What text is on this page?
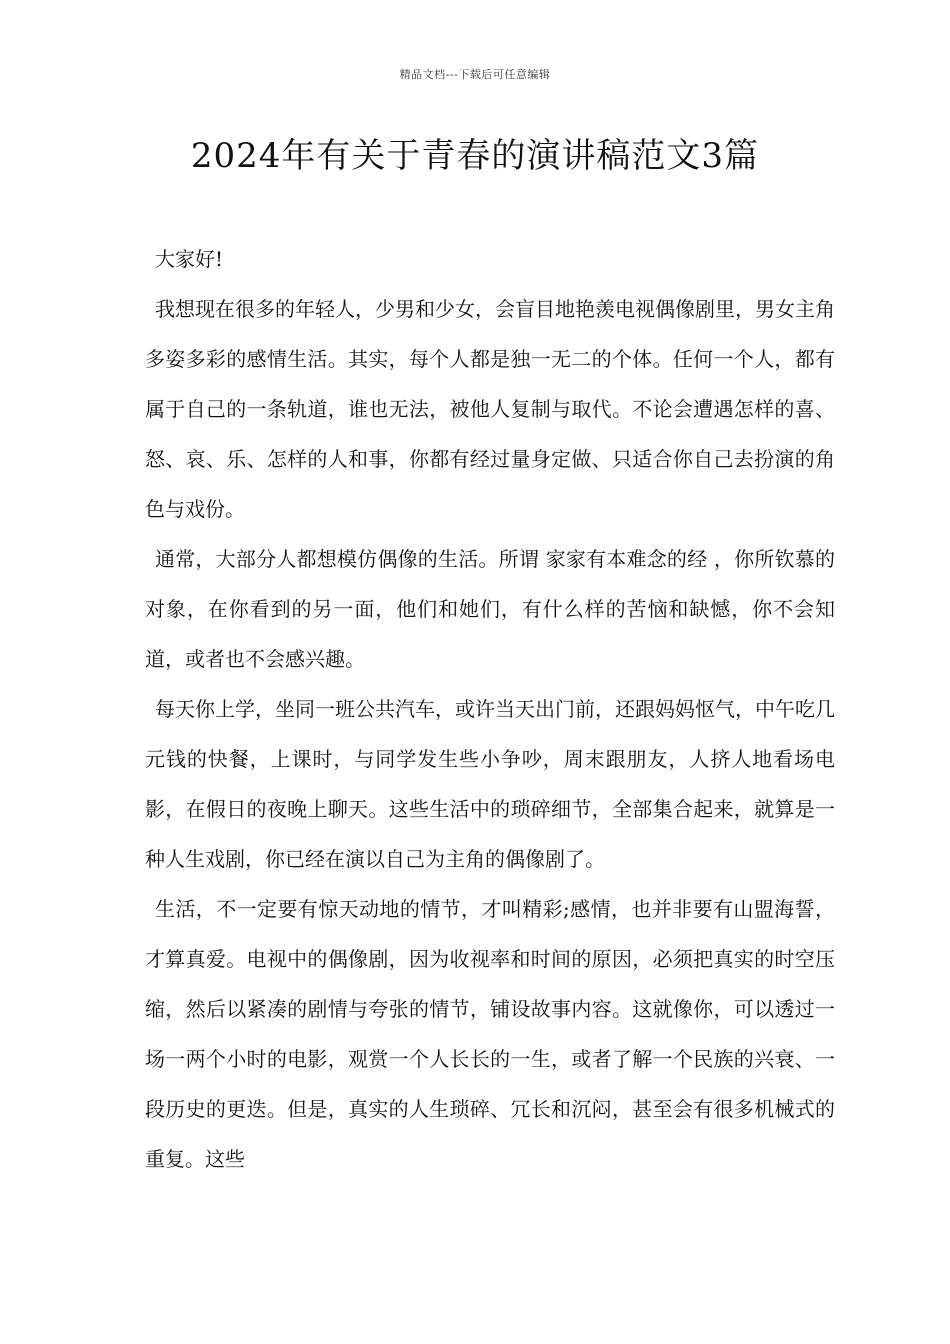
精品文档---下载后可任意编辑
2024年有关于青春的演讲稿范文3篇

大家好!

我想现在很多的年轻人，少男和少女，会盲目地艳羡电视偶像剧里，男女主角多姿多彩的感情生活。其实，每个人都是独一无二的个体。任何一个人，都有属于自己的一条轨道，谁也无法，被他人复制与取代。不论会遭遇怎样的喜、怒、哀、乐、怎样的人和事，你都有经过量身定做、只适合你自己去扮演的角色与戏份。

通常，大部分人都想模仿偶像的生活。所谓 家家有本难念的经 ，你所钦慕的对象，在你看到的另一面，他们和她们，有什么样的苦恼和缺憾，你不会知道，或者也不会感兴趣。

每天你上学，坐同一班公共汽车，或许当天出门前，还跟妈妈怄气，中午吃几元钱的快餐，上课时，与同学发生些小争吵，周末跟朋友，人挤人地看场电影，在假日的夜晚上聊天。这些生活中的琐碎细节，全部集合起来，就算是一种人生戏剧，你已经在演以自己为主角的偶像剧了。

生活，不一定要有惊天动地的情节，才叫精彩;感情，也并非要有山盟海誓，才算真爱。电视中的偶像剧，因为收视率和时间的原因，必须把真实的时空压缩，然后以紧凑的剧情与夸张的情节，铺设故事内容。这就像你，可以透过一场一两个小时的电影，观赏一个人长长的一生，或者了解一个民族的兴衰、一段历史的更迭。但是，真实的人生琐碎、冗长和沉闷，甚至会有很多机械式的重复。这些
